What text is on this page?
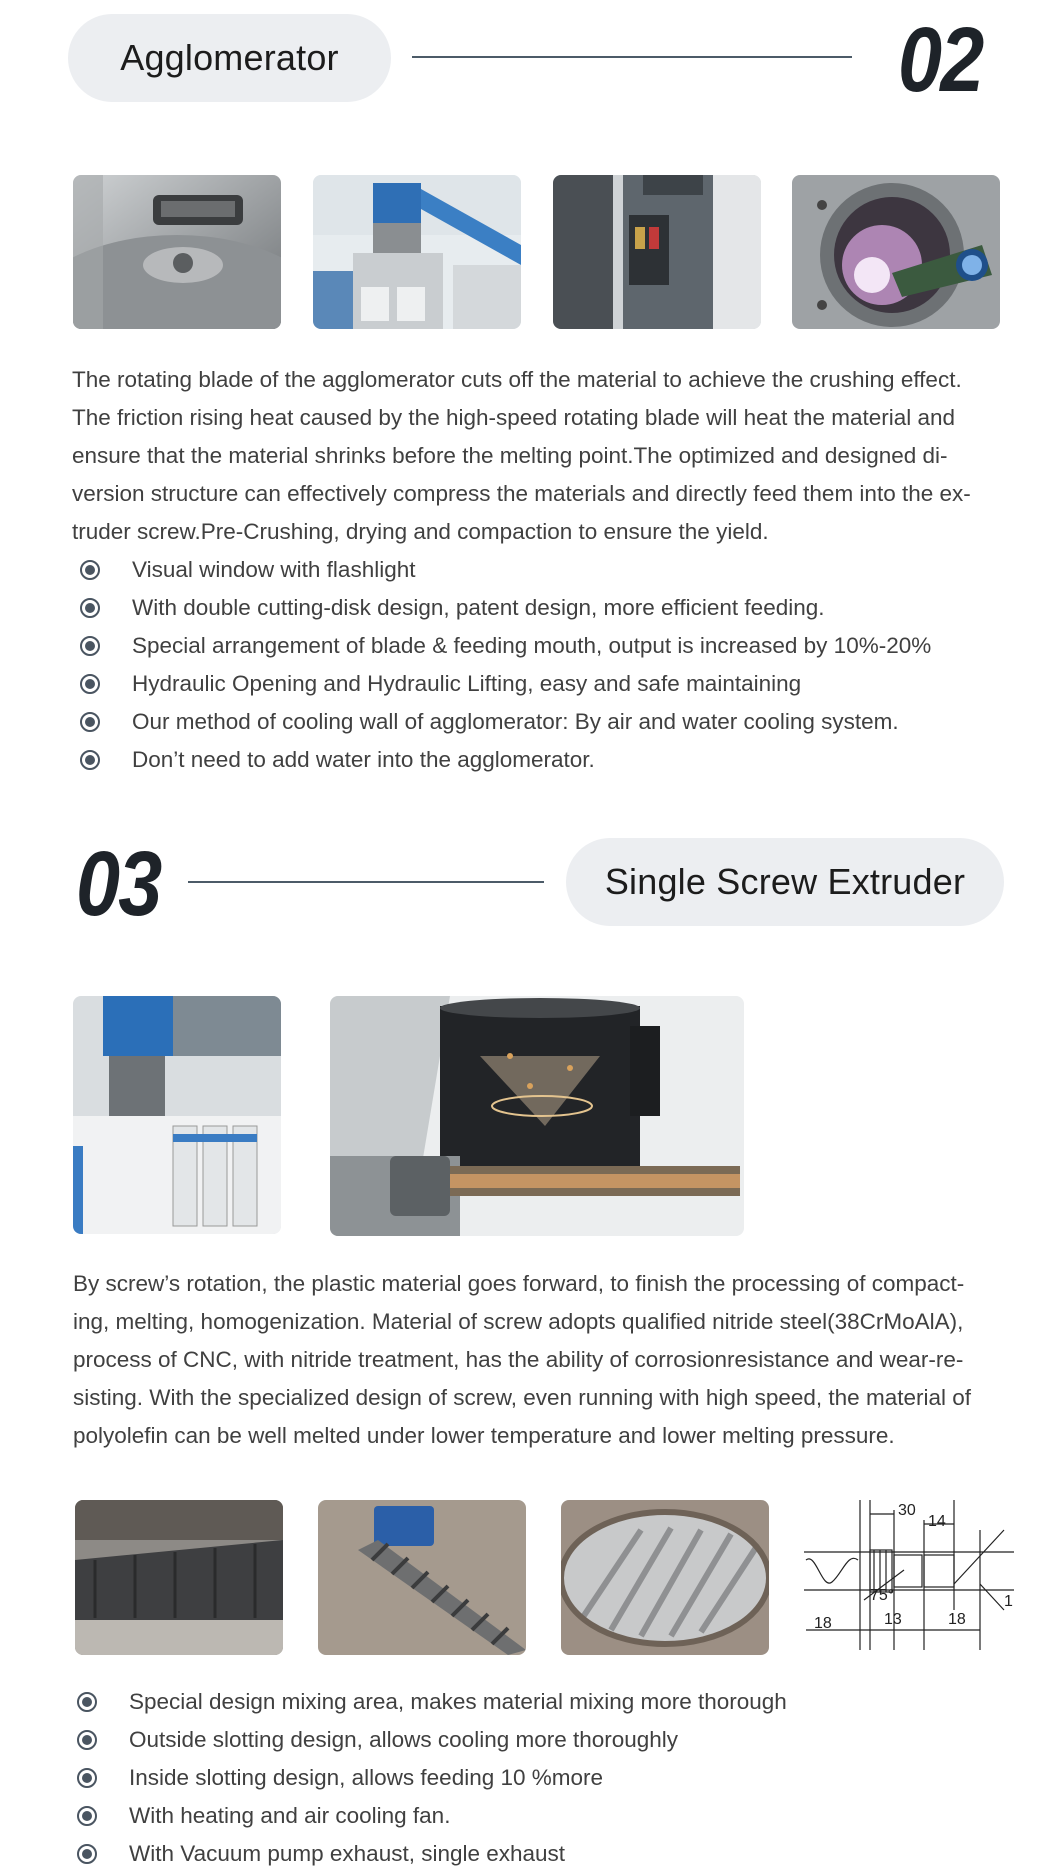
Agglomerator	02

The rotating blade of the agglomerator cuts off the material to achieve the crushing effect.
The friction rising heat caused by the high-speed rotating blade will heat the material and
ensure that the material shrinks before the melting point.The optimized and designed di-
version structure can effectively compress the materials and directly feed them into the ex-
truder screw.Pre-Crushing, drying and compaction to ensure the yield.

Visual window with flashlight
With double cutting-disk design, patent design, more efficient feeding.
Special arrangement of blade & feeding mouth, output is increased by 10%-20%
Hydraulic Opening and Hydraulic Lifting, easy and safe maintaining
Our method of cooling wall of agglomerator: By air and water cooling system.
Don’t need to add water into the agglomerator.
03	Single Screw Extruder

By screw’s rotation, the plastic material goes forward, to finish the processing of compact-
ing, melting, homogenization. Material of screw adopts qualified nitride steel(38CrMoAlA),
process of CNC, with nitride treatment, has the ability of corrosionresistance and wear-re-
sisting. With the specialized design of screw, even running with high speed, the material of
polyolefin can be well melted under lower temperature and lower melting pressure.

30
14
75°
18	13	18
1
Special design mixing area, makes material mixing more thorough
Outside slotting design, allows cooling more thoroughly
Inside slotting design, allows feeding 10 %more
With heating and air cooling fan.
With Vacuum pump exhaust, single exhaust
